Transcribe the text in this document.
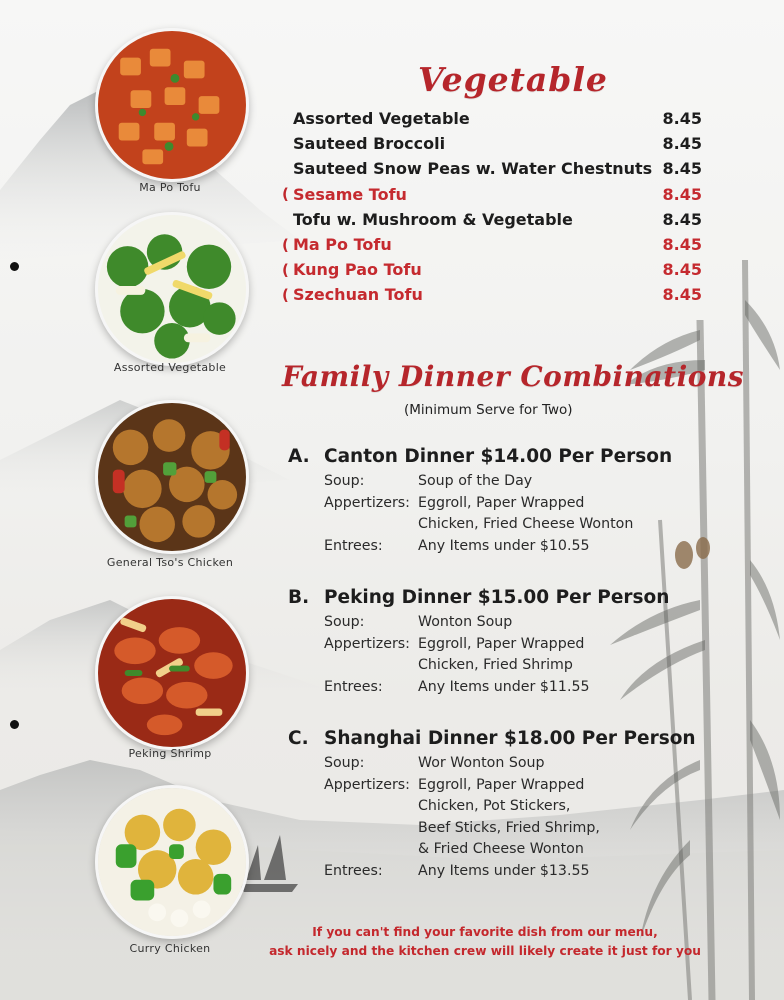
Ma Po Tofu
Assorted Vegetable
General Tso's Chicken
Peking Shrimp
Curry Chicken
Vegetable
Assorted Vegetable	8.45
Sauteed Broccoli	8.45
Sauteed Snow Peas w. Water Chestnuts 8.45
( Sesame Tofu	8.45
Tofu w. Mushroom & Vegetable	8.45
( Ma Po Tofu	8.45
( Kung Pao Tofu	8.45
( Szechuan Tofu	8.45
Family Dinner Combinations
(Minimum Serve for Two)
A. Canton Dinner $14.00 Per Person
Soup:	Soup of the Day
Appertizers: Eggroll, Paper Wrapped
Chicken, Fried Cheese Wonton
Entrees:	Any Items under $10.55
B. Peking Dinner $15.00 Per Person
Soup:	Wonton Soup
Appertizers: Eggroll, Paper Wrapped
Chicken, Fried Shrimp
Entrees:	Any Items under $11.55
C. Shanghai Dinner $18.00 Per Person
Soup:	Wor Wonton Soup
Appertizers: Eggroll, Paper Wrapped
Chicken, Pot Stickers,
Beef Sticks, Fried Shrimp,
& Fried Cheese Wonton
Entrees:	Any Items under $13.55
If you can't find your favorite dish from our menu,
ask nicely and the kitchen crew will likely create it just for you
